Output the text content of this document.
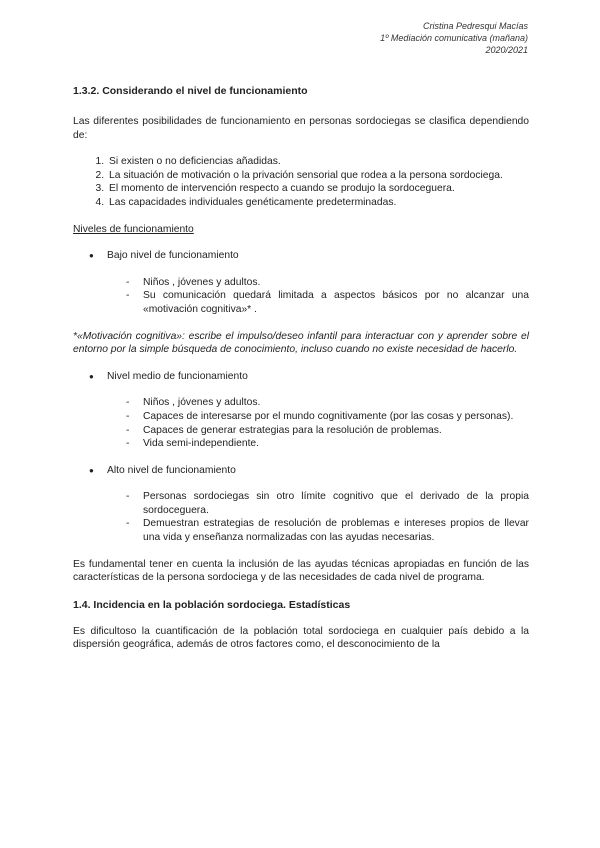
Cristina Pedresqui Macías
1º Mediación comunicativa (mañana)
2020/2021
1.3.2. Considerando el nivel de funcionamiento

Las diferentes posibilidades de funcionamiento en personas sordociegas se clasifica dependiendo de:

1. Si existen o no deficiencias añadidas.
2. La situación de motivación o la privación sensorial que rodea a la persona sordociega.
3. El momento de intervención respecto a cuando se produjo la sordoceguera.
4. Las capacidades individuales genéticamente predeterminadas.

Niveles de funcionamiento

● Bajo nivel de funcionamiento
- Niños , jóvenes y adultos.
- Su comunicación quedará limitada a aspectos básicos por no alcanzar una «motivación cognitiva»* .

*«Motivación cognitiva»: escribe el impulso/deseo infantil para interactuar con y aprender sobre el entorno por la simple búsqueda de conocimiento, incluso cuando no existe necesidad de hacerlo.

● Nivel medio de funcionamiento
- Niños , jóvenes y adultos.
- Capaces de interesarse por el mundo cognitivamente (por las cosas y personas).
- Capaces de generar estrategias para la resolución de problemas.
- Vida semi-independiente.
● Alto nivel de funcionamiento
- Personas sordociegas sin otro límite cognitivo que el derivado de la propia sordoceguera.
- Demuestran estrategias de resolución de problemas e intereses propios de llevar una vida y enseñanza normalizadas con las ayudas necesarias.

Es fundamental tener en cuenta la inclusión de las ayudas técnicas apropiadas en función de las características de la persona sordociega y de las necesidades de cada nivel de programa.

1.4. Incidencia en la población sordociega. Estadísticas

Es dificultoso la cuantificación de la población total sordociega en cualquier país debido a la dispersión geográfica, además de otros factores como, el desconocimiento de la
